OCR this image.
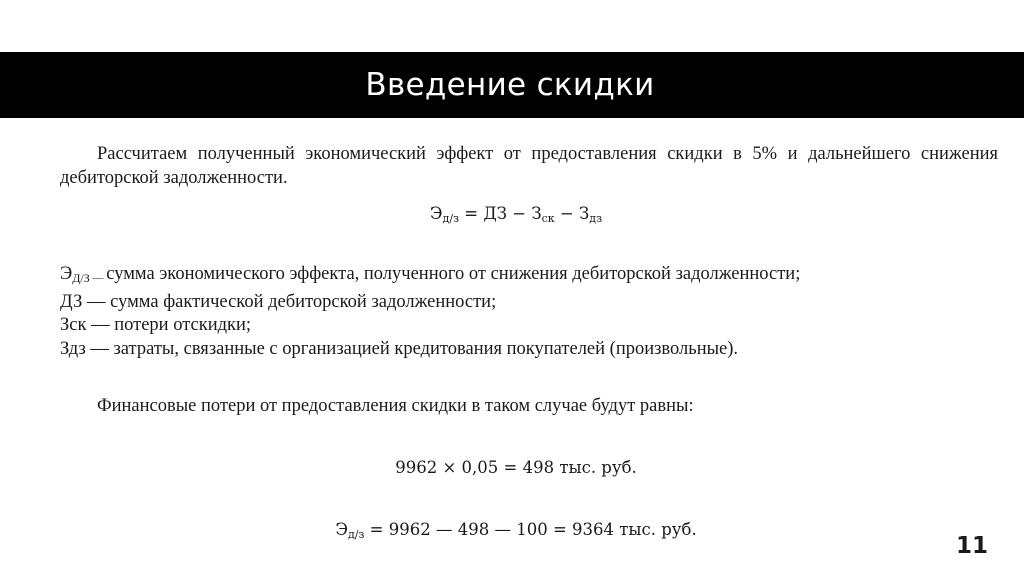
Введение скидки

Рассчитаем полученный экономический эффект от предоставления скидки в 5% и дальнейшего снижения дебиторской задолженности.

$Э_{д/з}$ = ДЗ − $З_{ск} - З_{дз}$
$Э_{Д/З}$ — сумма экономического эффекта, полученного от снижения дебиторской задолженности;
ДЗ — сумма фактической дебиторской задолженности;
Зск — потери отскидки;
Здз — затраты, связанные с организацией кредитования покупателей (произвольные).

Финансовые потери от предоставления скидки в таком случае будут равны:

9962 × 0,05 = 498 тыс. руб.
$Э_{д/з} = 9962$ — 498 — 100 = 9364 тыс. руб.
11
